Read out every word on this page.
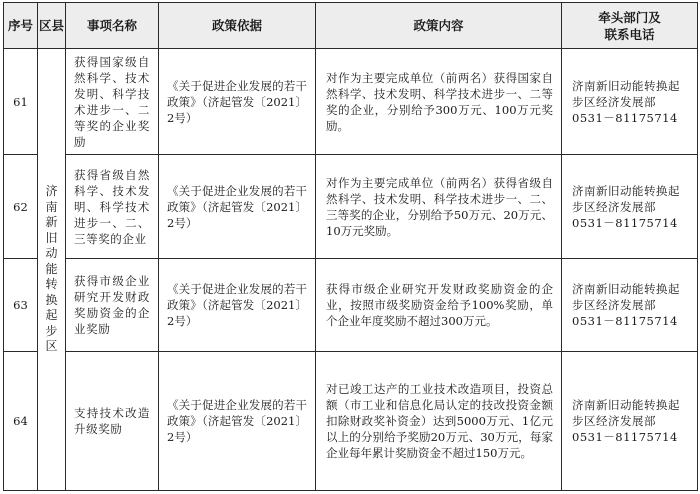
序号	区县	事项名称	政策依据	政策内容	牵头部门及
联系电话

61	济南新旧动能转换起步区	获得国家级自然科学、技术发明、科学技术进步一、二等奖的企业奖励	《关于促进企业发展的若干政策》（济起管发〔2021〕2号）	对作为主要完成单位（前两名）获得国家自然科学、技术发明、科学技术进步一、二等奖的企业，分别给予300万元、100万元奖励。	济南新旧动能转换起步区经济发展部
0531－81175714

62		获得省级自然科学、技术发明、科学技术进步一、二、三等奖的企业	《关于促进企业发展的若干政策》（济起管发〔2021〕2号）	对作为主要完成单位（前两名）获得省级自然科学、技术发明、科学技术进步一、二、三等奖的企业，分别给予50万元、20万元、10万元奖励。	济南新旧动能转换起步区经济发展部
0531－81175714

63		获得市级企业研究开发财政奖励资金的企业奖励	《关于促进企业发展的若干政策》（济起管发〔2021〕2号）	获得市级企业研究开发财政奖励资金的企业，按照市级奖励资金给予100%奖励，单个企业年度奖励不超过300万元。	济南新旧动能转换起步区经济发展部
0531－81175714

64		支持技术改造升级奖励	《关于促进企业发展的若干政策》（济起管发〔2021〕2号）	对已竣工达产的工业技术改造项目，投资总额（市工业和信息化局认定的技改投资金额扣除财政奖补资金）达到5000万元、1亿元以上的分别给予奖励20万元、30万元，每家企业每年累计奖励资金不超过150万元。	济南新旧动能转换起步区经济发展部
0531－81175714
